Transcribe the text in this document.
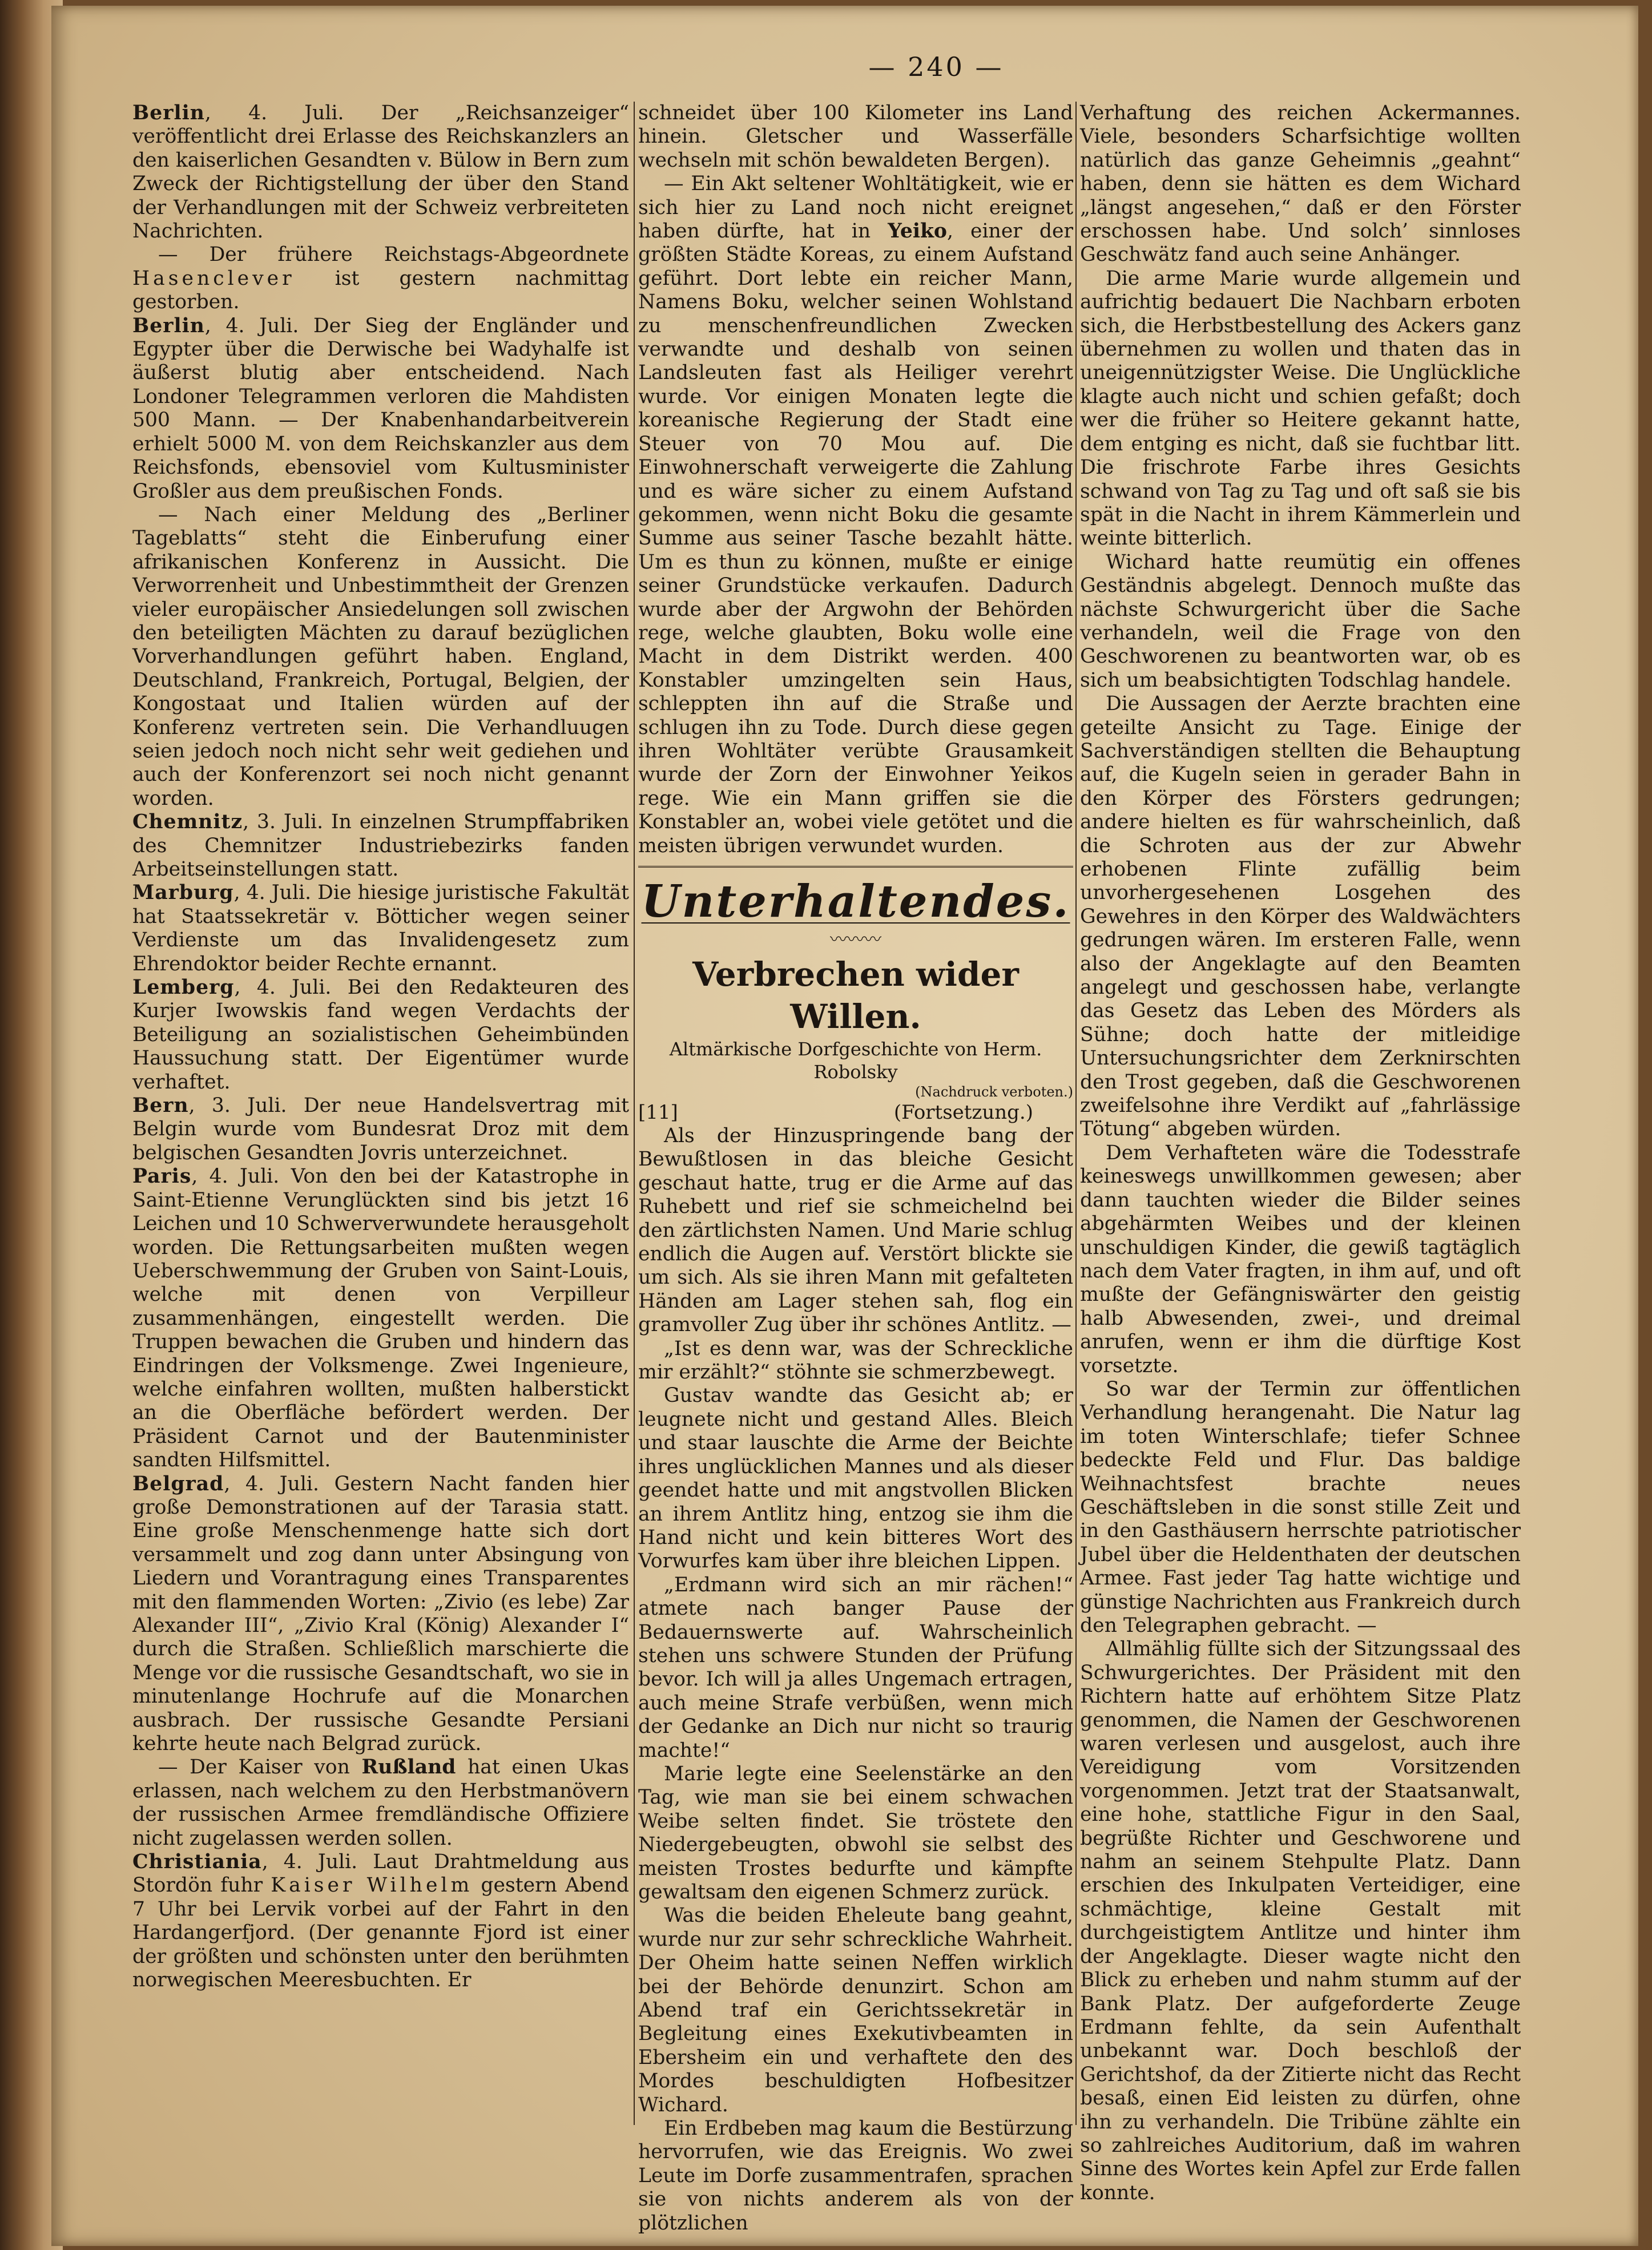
— 240 —

Berlin, 4. Juli. Der „Reichsanzeiger“ veröffentlicht drei Erlasse des Reichskanzlers an den kaiserlichen Gesandten v. Bülow in Bern zum Zweck der Richtigstellung der über den Stand der Verhandlungen mit der Schweiz verbreiteten Nachrichten.

— Der frühere Reichstags-Abgeordnete Hasenclever ist gestern nachmittag gestorben.

Berlin, 4. Juli. Der Sieg der Engländer und Egypter über die Derwische bei Wadyhalfe ist äußerst blutig aber entscheidend. Nach Londoner Telegrammen verloren die Mahdisten 500 Mann. — Der Knabenhandarbeitverein erhielt 5000 M. von dem Reichskanzler aus dem Reichsfonds, ebensoviel vom Kultusminister Großler aus dem preußischen Fonds.

— Nach einer Meldung des „Berliner Tageblatts“ steht die Einberufung einer afrikanischen Konferenz in Aussicht. Die Verworrenheit und Unbestimmtheit der Grenzen vieler europäischer Ansiedelungen soll zwischen den beteiligten Mächten zu darauf bezüglichen Vorverhandlungen geführt haben. England, Deutschland, Frankreich, Portugal, Belgien, der Kongostaat und Italien würden auf der Konferenz vertreten sein. Die Verhandluugen seien jedoch noch nicht sehr weit gediehen und auch der Konferenzort sei noch nicht genannt worden.

Chemnitz, 3. Juli. In einzelnen Strumpffabriken des Chemnitzer Industriebezirks fanden Arbeitseinstellungen statt.

Marburg, 4. Juli. Die hiesige juristische Fakultät hat Staatssekretär v. Bötticher wegen seiner Verdienste um das Invalidengesetz zum Ehrendoktor beider Rechte ernannt.

Lemberg, 4. Juli. Bei den Redakteuren des Kurjer Iwowskis fand wegen Verdachts der Beteiligung an sozialistischen Geheimbünden Haussuchung statt. Der Eigentümer wurde verhaftet.

Bern, 3. Juli. Der neue Handelsvertrag mit Belgin wurde vom Bundesrat Droz mit dem belgischen Gesandten Jovris unterzeichnet.

Paris, 4. Juli. Von den bei der Katastrophe in Saint-Etienne Verunglückten sind bis jetzt 16 Leichen und 10 Schwerverwundete herausgeholt worden. Die Rettungsarbeiten mußten wegen Ueberschwemmung der Gruben von Saint-Louis, welche mit denen von Verpilleur zusammenhängen, eingestellt werden. Die Truppen bewachen die Gruben und hindern das Eindringen der Volksmenge. Zwei Ingenieure, welche einfahren wollten, mußten halberstickt an die Oberfläche befördert werden. Der Präsident Carnot und der Bautenminister sandten Hilfsmittel.

Belgrad, 4. Juli. Gestern Nacht fanden hier große Demonstrationen auf der Tarasia statt. Eine große Menschenmenge hatte sich dort versammelt und zog dann unter Absingung von Liedern und Vorantragung eines Transparentes mit den flammenden Worten: „Zivio (es lebe) Zar Alexander III“, „Zivio Kral (König) Alexander I“ durch die Straßen. Schließlich marschierte die Menge vor die russische Gesandtschaft, wo sie in minutenlange Hochrufe auf die Monarchen ausbrach. Der russische Gesandte Persiani kehrte heute nach Belgrad zurück.

— Der Kaiser von Rußland hat einen Ukas erlassen, nach welchem zu den Herbstmanövern der russischen Armee fremdländische Offiziere nicht zugelassen werden sollen.

Christiania, 4. Juli. Laut Drahtmeldung aus Stordön fuhr Kaiser Wilhelm gestern Abend 7 Uhr bei Lervik vorbei auf der Fahrt in den Hardangerfjord. (Der genannte Fjord ist einer der größten und schönsten unter den berühmten norwegischen Meeresbuchten. Er

schneidet über 100 Kilometer ins Land hinein. Gletscher und Wasserfälle wechseln mit schön bewaldeten Bergen).

— Ein Akt seltener Wohltätigkeit, wie er sich hier zu Land noch nicht ereignet haben dürfte, hat in Yeiko, einer der größten Städte Koreas, zu einem Aufstand geführt. Dort lebte ein reicher Mann, Namens Boku, welcher seinen Wohlstand zu menschenfreundlichen Zwecken verwandte und deshalb von seinen Landsleuten fast als Heiliger verehrt wurde. Vor einigen Monaten legte die koreanische Regierung der Stadt eine Steuer von 70 Mou auf. Die Einwohnerschaft verweigerte die Zahlung und es wäre sicher zu einem Aufstand gekommen, wenn nicht Boku die gesamte Summe aus seiner Tasche bezahlt hätte. Um es thun zu können, mußte er einige seiner Grundstücke verkaufen. Dadurch wurde aber der Argwohn der Behörden rege, welche glaubten, Boku wolle eine Macht in dem Distrikt werden. 400 Konstabler umzingelten sein Haus, schleppten ihn auf die Straße und schlugen ihn zu Tode. Durch diese gegen ihren Wohltäter verübte Grausamkeit wurde der Zorn der Einwohner Yeikos rege. Wie ein Mann griffen sie die Konstabler an, wobei viele getötet und die meisten übrigen verwundet wurden.

Unterhaltendes.
〰〰〰
Verbrechen wider Willen.
Altmärkische Dorfgeschichte von Herm. Robolsky
(Nachdruck verboten.)
[11]	(Fortsetzung.)

Als der Hinzuspringende bang der Bewußtlosen in das bleiche Gesicht geschaut hatte, trug er die Arme auf das Ruhebett und rief sie schmeichelnd bei den zärtlichsten Namen. Und Marie schlug endlich die Augen auf. Verstört blickte sie um sich. Als sie ihren Mann mit gefalteten Händen am Lager stehen sah, flog ein gramvoller Zug über ihr schönes Antlitz. —

„Ist es denn war, was der Schreckliche mir erzählt?“ stöhnte sie schmerzbewegt.

Gustav wandte das Gesicht ab; er leugnete nicht und gestand Alles. Bleich und staar lauschte die Arme der Beichte ihres unglücklichen Mannes und als dieser geendet hatte und mit angstvollen Blicken an ihrem Antlitz hing, entzog sie ihm die Hand nicht und kein bitteres Wort des Vorwurfes kam über ihre bleichen Lippen.

„Erdmann wird sich an mir rächen!“ atmete nach banger Pause der Bedauernswerte auf. Wahrscheinlich stehen uns schwere Stunden der Prüfung bevor. Ich will ja alles Ungemach ertragen, auch meine Strafe verbüßen, wenn mich der Gedanke an Dich nur nicht so traurig machte!“

Marie legte eine Seelenstärke an den Tag, wie man sie bei einem schwachen Weibe selten findet. Sie tröstete den Niedergebeugten, obwohl sie selbst des meisten Trostes bedurfte und kämpfte gewaltsam den eigenen Schmerz zurück.

Was die beiden Eheleute bang geahnt, wurde nur zur sehr schreckliche Wahrheit. Der Oheim hatte seinen Neffen wirklich bei der Behörde denunzirt. Schon am Abend traf ein Gerichtssekretär in Begleitung eines Exekutivbeamten in Ebersheim ein und verhaftete den des Mordes beschuldigten Hofbesitzer Wichard.

Ein Erdbeben mag kaum die Bestürzung hervorrufen, wie das Ereignis. Wo zwei Leute im Dorfe zusammentrafen, sprachen sie von nichts anderem als von der plötzlichen

Verhaftung des reichen Ackermannes. Viele, besonders Scharfsichtige wollten natürlich das ganze Geheimnis „geahnt“ haben, denn sie hätten es dem Wichard „längst angesehen,“ daß er den Förster erschossen habe. Und solch’ sinnloses Geschwätz fand auch seine Anhänger.

Die arme Marie wurde allgemein und aufrichtig bedauert Die Nachbarn erboten sich, die Herbstbestellung des Ackers ganz übernehmen zu wollen und thaten das in uneigennützigster Weise. Die Unglückliche klagte auch nicht und schien gefaßt; doch wer die früher so Heitere gekannt hatte, dem entging es nicht, daß sie fuchtbar litt. Die frischrote Farbe ihres Gesichts schwand von Tag zu Tag und oft saß sie bis spät in die Nacht in ihrem Kämmerlein und weinte bitterlich.

Wichard hatte reumütig ein offenes Geständnis abgelegt. Dennoch mußte das nächste Schwurgericht über die Sache verhandeln, weil die Frage von den Geschworenen zu beantworten war, ob es sich um beabsichtigten Todschlag handele.

Die Aussagen der Aerzte brachten eine geteilte Ansicht zu Tage. Einige der Sachverständigen stellten die Behauptung auf, die Kugeln seien in gerader Bahn in den Körper des Försters gedrungen; andere hielten es für wahrscheinlich, daß die Schroten aus der zur Abwehr erhobenen Flinte zufällig beim unvorhergesehenen Losgehen des Gewehres in den Körper des Waldwächters gedrungen wären. Im ersteren Falle, wenn also der Angeklagte auf den Beamten angelegt und geschossen habe, verlangte das Gesetz das Leben des Mörders als Sühne; doch hatte der mitleidige Untersuchungsrichter dem Zerknirschten den Trost gegeben, daß die Geschworenen zweifelsohne ihre Verdikt auf „fahrlässige Tötung“ abgeben würden.

Dem Verhafteten wäre die Todesstrafe keineswegs unwillkommen gewesen; aber dann tauchten wieder die Bilder seines abgehärmten Weibes und der kleinen unschuldigen Kinder, die gewiß tagtäglich nach dem Vater fragten, in ihm auf, und oft mußte der Gefängniswärter den geistig halb Abwesenden, zwei-, und dreimal anrufen, wenn er ihm die dürftige Kost vorsetzte.

So war der Termin zur öffentlichen Verhandlung herangenaht. Die Natur lag im toten Winterschlafe; tiefer Schnee bedeckte Feld und Flur. Das baldige Weihnachtsfest brachte neues Geschäftsleben in die sonst stille Zeit und in den Gasthäusern herrschte patriotischer Jubel über die Heldenthaten der deutschen Armee. Fast jeder Tag hatte wichtige und günstige Nachrichten aus Frankreich durch den Telegraphen gebracht. —

Allmählig füllte sich der Sitzungssaal des Schwurgerichtes. Der Präsident mit den Richtern hatte auf erhöhtem Sitze Platz genommen, die Namen der Geschworenen waren verlesen und ausgelost, auch ihre Vereidigung vom Vorsitzenden vorgenommen. Jetzt trat der Staatsanwalt, eine hohe, stattliche Figur in den Saal, begrüßte Richter und Geschworene und nahm an seinem Stehpulte Platz. Dann erschien des Inkulpaten Verteidiger, eine schmächtige, kleine Gestalt mit durchgeistigtem Antlitze und hinter ihm der Angeklagte. Dieser wagte nicht den Blick zu erheben und nahm stumm auf der Bank Platz. Der aufgeforderte Zeuge Erdmann fehlte, da sein Aufenthalt unbekannt war. Doch beschloß der Gerichtshof, da der Zitierte nicht das Recht besaß, einen Eid leisten zu dürfen, ohne ihn zu verhandeln. Die Tribüne zählte ein so zahlreiches Auditorium, daß im wahren Sinne des Wortes kein Apfel zur Erde fallen konnte.
